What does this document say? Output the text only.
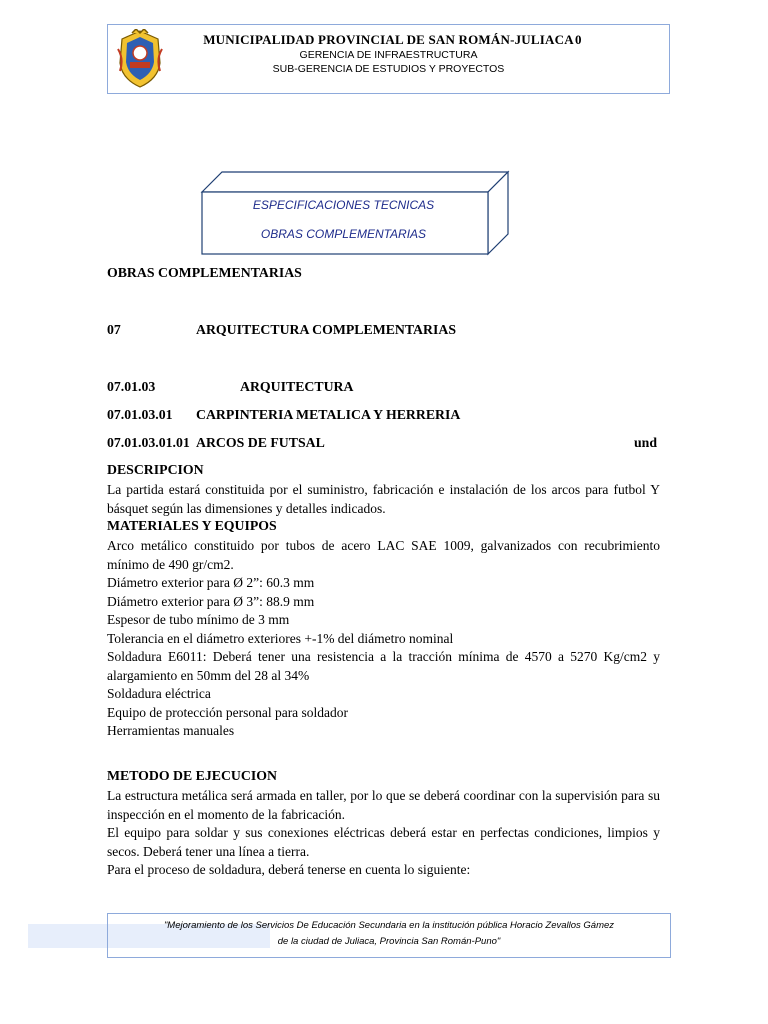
MUNICIPALIDAD PROVINCIAL DE SAN ROMÁN-JULIACA 0
GERENCIA DE INFRAESTRUCTURA
SUB-GERENCIA DE ESTUDIOS Y PROYECTOS
ESPECIFICACIONES TECNICAS
OBRAS COMPLEMENTARIAS
OBRAS COMPLEMENTARIAS
07	ARQUITECTURA COMPLEMENTARIAS
07.01.03	ARQUITECTURA
07.01.03.01 CARPINTERIA METALICA Y HERRERIA
07.01.03.01.01 ARCOS DE FUTSAL	und
DESCRIPCION

La partida estará constituida por el suministro, fabricación e instalación de los arcos para futbol Y básquet según las dimensiones y detalles indicados.

MATERIALES Y EQUIPOS

Arco metálico constituido por tubos de acero LAC SAE 1009, galvanizados con recubrimiento mínimo de 490 gr/cm2.

Diámetro exterior para Ø 2”: 60.3 mm

Diámetro exterior para Ø 3”: 88.9 mm

Espesor de tubo mínimo de 3 mm

Tolerancia en el diámetro exteriores +-1% del diámetro nominal

Soldadura E6011: Deberá tener una resistencia a la tracción mínima de 4570 a 5270 Kg/cm2 y alargamiento en 50mm del 28 al 34%

Soldadura eléctrica

Equipo de protección personal para soldador

Herramientas manuales

METODO DE EJECUCION

La estructura metálica será armada en taller, por lo que se deberá coordinar con la supervisión para su inspección en el momento de la fabricación.

El equipo para soldar y sus conexiones eléctricas deberá estar en perfectas condiciones, limpios y secos. Deberá tener una línea a tierra.

Para el proceso de soldadura, deberá tenerse en cuenta lo siguiente:

"Mejoramiento de los Servicios De Educación Secundaria en la institución pública Horacio Zevallos Gámez
de la ciudad de Juliaca, Provincia San Román-Puno"
